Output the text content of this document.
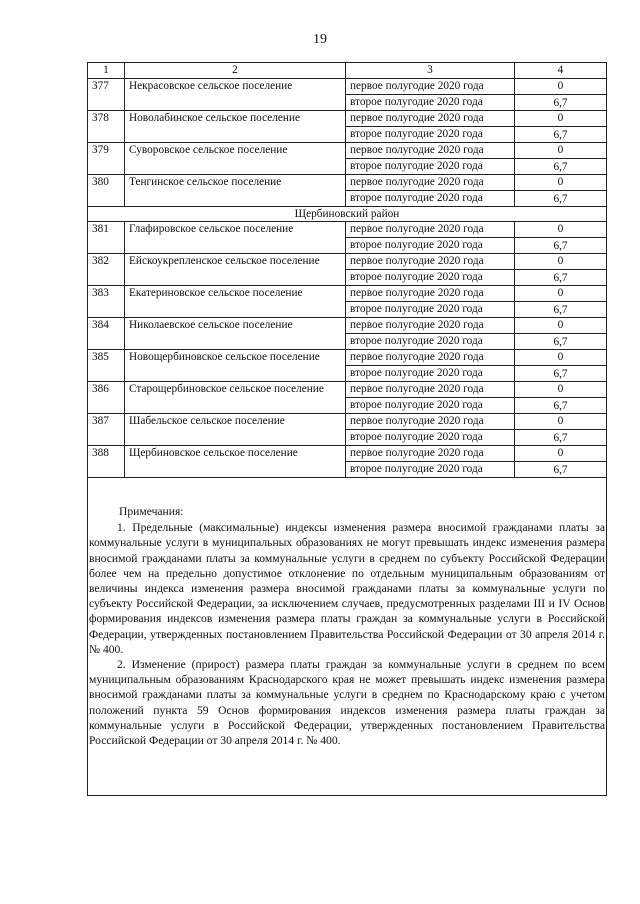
19
1	2	3	4
377	Некрасовское сельское поселение	первое полугодие 2020 года	0
		второе полугодие 2020 года	6,7
378	Новолабинское сельское поселение	первое полугодие 2020 года	0
		второе полугодие 2020 года	6,7
379	Суворовское сельское поселение	первое полугодие 2020 года	0
		второе полугодие 2020 года	6,7
380	Тенгинское сельское поселение	первое полугодие 2020 года	0
		второе полугодие 2020 года	6,7
Щербиновский район			
381	Глафировское сельское поселение	первое полугодие 2020 года	0
		второе полугодие 2020 года	6,7
382	Ейскоукрепленское сельское поселение	первое полугодие 2020 года	0
		второе полугодие 2020 года	6,7
383	Екатериновское сельское поселение	первое полугодие 2020 года	0
		второе полугодие 2020 года	6,7
384	Николаевское сельское поселение	первое полугодие 2020 года	0
		второе полугодие 2020 года	6,7
385	Новощербиновское сельское поселение	первое полугодие 2020 года	0
		второе полугодие 2020 года	6,7
386	Старощербиновское сельское поселение	первое полугодие 2020 года	0
		второе полугодие 2020 года	6,7
387	Шабельское сельское поселение	первое полугодие 2020 года	0
		второе полугодие 2020 года	6,7
388	Щербиновское сельское поселение	первое полугодие 2020 года	0
		второе полугодие 2020 года	6,7

Примечания:

1. Предельные (максимальные) индексы изменения размера вносимой гражданами платы за коммунальные услуги в муниципальных образованиях не могут превышать индекс изменения размера вносимой гражданами платы за коммунальные услуги в среднем по субъекту Российской Федерации более чем на предельно допустимое отклонение по отдельным муниципальным образованиям от величины индекса изменения размера вносимой гражданами платы за коммунальные услуги по субъекту Российской Федерации, за исключением случаев, предусмотренных разделами III и IV Основ формирования индексов изменения размера платы граждан за коммунальные услуги в Российской Федерации, утвержденных постановлением Правительства Российской Федерации от 30 апреля 2014 г. № 400.

2. Изменение (прирост) размера платы граждан за коммунальные услуги в среднем по всем муниципальным образованиям Краснодарского края не может превышать индекс изменения размера вносимой гражданами платы за коммунальные услуги в среднем по Краснодарскому краю с учетом положений пункта 59 Основ формирования индексов изменения размера платы граждан за коммунальные услуги в Российской Федерации, утвержденных постановлением Правительства Российской Федерации от 30 апреля 2014 г. № 400.
